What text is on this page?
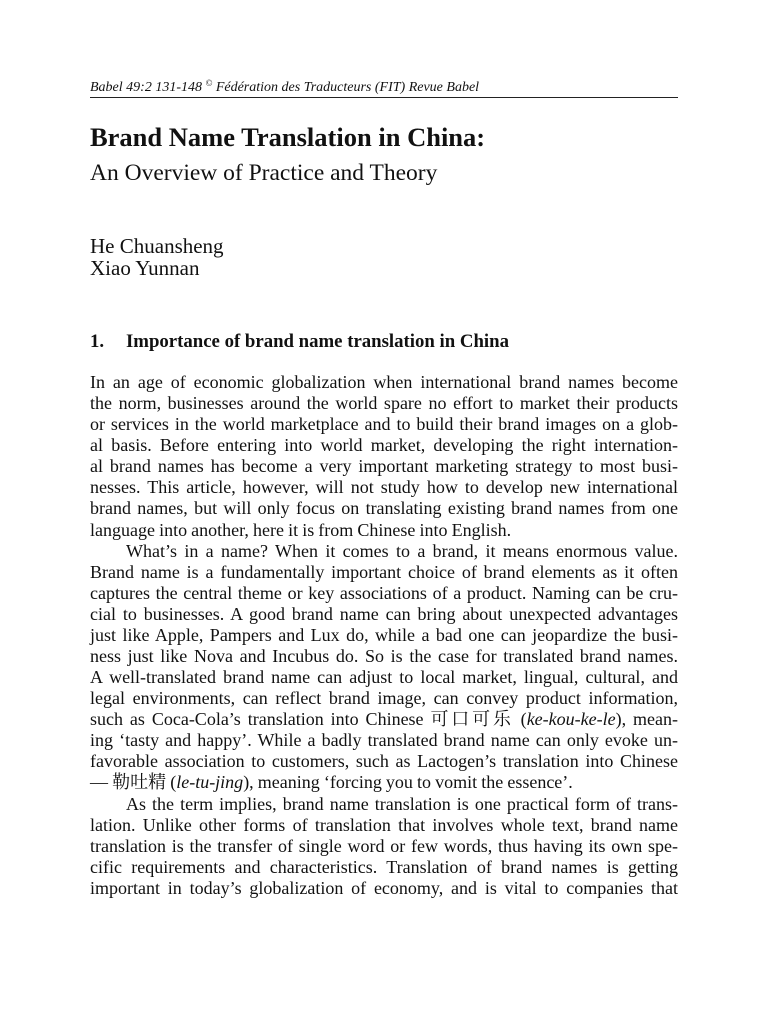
Babel 49:2 131-148 © Fédération des Traducteurs (FIT) Revue Babel
Brand Name Translation in China:
An Overview of Practice and Theory
He Chuansheng
Xiao Yunnan
1. Importance of brand name translation in China
In an age of economic globalization when international brand names become
the norm, businesses around the world spare no effort to market their products
or services in the world marketplace and to build their brand images on a glob-
al basis. Before entering into world market, developing the right internation-
al brand names has become a very important marketing strategy to most busi-
nesses. This article, however, will not study how to develop new international
brand names, but will only focus on translating existing brand names from one
language into another, here it is from Chinese into English.
What’s in a name? When it comes to a brand, it means enormous value.
Brand name is a fundamentally important choice of brand elements as it often
captures the central theme or key associations of a product. Naming can be cru-
cial to businesses. A good brand name can bring about unexpected advantages
just like Apple, Pampers and Lux do, while a bad one can jeopardize the busi-
ness just like Nova and Incubus do. So is the case for translated brand names.
A well-translated brand name can adjust to local market, lingual, cultural, and
legal environments, can reflect brand image, can convey product information,
such as Coca-Cola’s translation into Chinese 可口可乐 (ke-kou-ke-le), mean-
ing ‘tasty and happy’. While a badly translated brand name can only evoke un-
favorable association to customers, such as Lactogen’s translation into Chinese
— 勒吐精 (le-tu-jing), meaning ‘forcing you to vomit the essence’.
As the term implies, brand name translation is one practical form of trans-
lation. Unlike other forms of translation that involves whole text, brand name
translation is the transfer of single word or few words, thus having its own spe-
cific requirements and characteristics. Translation of brand names is getting
important in today’s globalization of economy, and is vital to companies that
